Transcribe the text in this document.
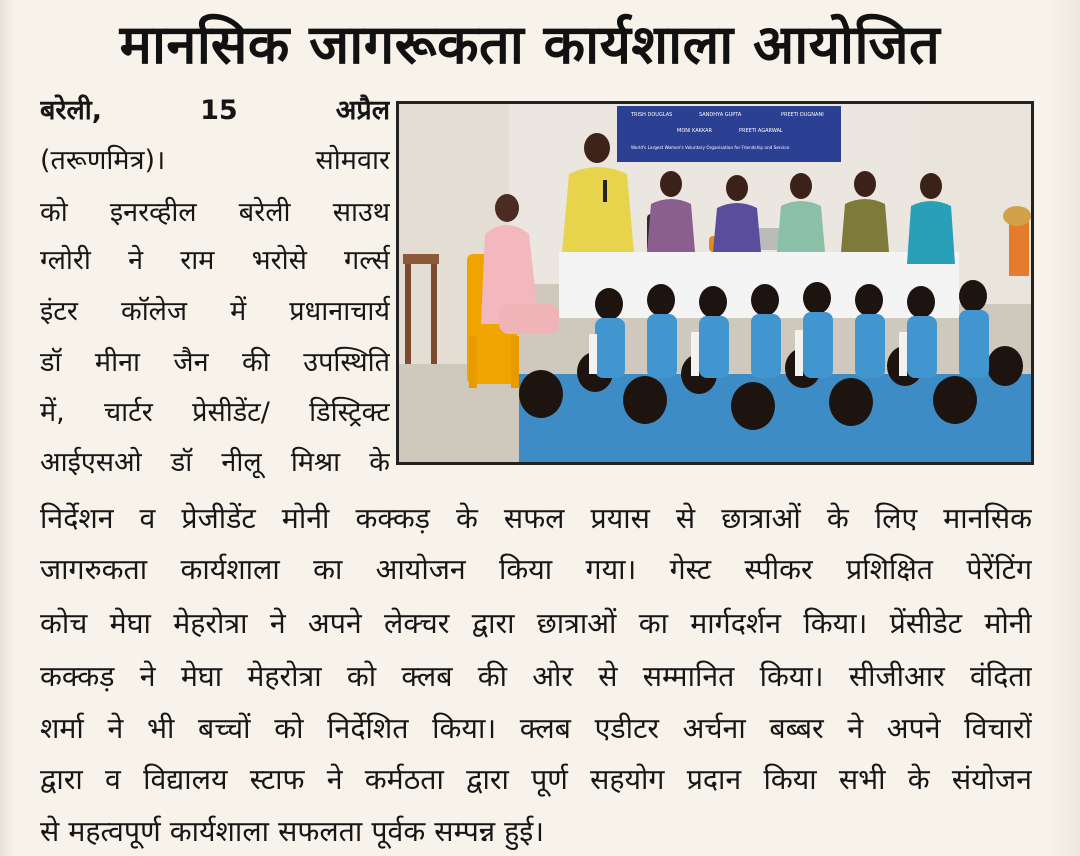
मानसिक जागरूकता कार्यशाला आयोजित
बरेली, 15 अप्रैल
(तरूणमित्र)। सोमवार
को इनरव्हील बरेली साउथ
ग्लोरी ने राम भरोसे गर्ल्स
इंटर कॉलेज में प्रधानाचार्य
डॉ मीना जैन की उपस्थिति
में, चार्टर प्रेसीडेंट/ डिस्ट्रिक्ट
आईएसओ डॉ नीलू मिश्रा के
निर्देशन व प्रेजीडेंट मोनी कक्कड़ के सफल प्रयास से छात्राओं के लिए मानसिक
जागरुकता कार्यशाला का आयोजन किया गया। गेस्ट स्पीकर प्रशिक्षित पेरेंटिंग
कोच मेघा मेहरोत्रा ने अपने लेक्चर द्वारा छात्राओं का मार्गदर्शन किया। प्रेंसीडेट मोनी
कक्कड़ ने मेघा मेहरोत्रा को क्लब की ओर से सम्मानित किया। सीजीआर वंदिता
शर्मा ने भी बच्चों को निर्देशित किया। क्लब एडीटर अर्चना बब्बर ने अपने विचारों
द्वारा व विद्यालय स्टाफ ने कर्मठता द्वारा पूर्ण सहयोग प्रदान किया सभी के संयोजन
से महत्वपूर्ण कार्यशाला सफलता पूर्वक सम्पन्न हुई।
TRISH DOUGLAS	SANDHYA GUPTA	PREETI DUGNANI
MONI KAKKAR	PREETI AGARWAL
World's Largest Women's Voluntary Organisation for Friendship and Service.
